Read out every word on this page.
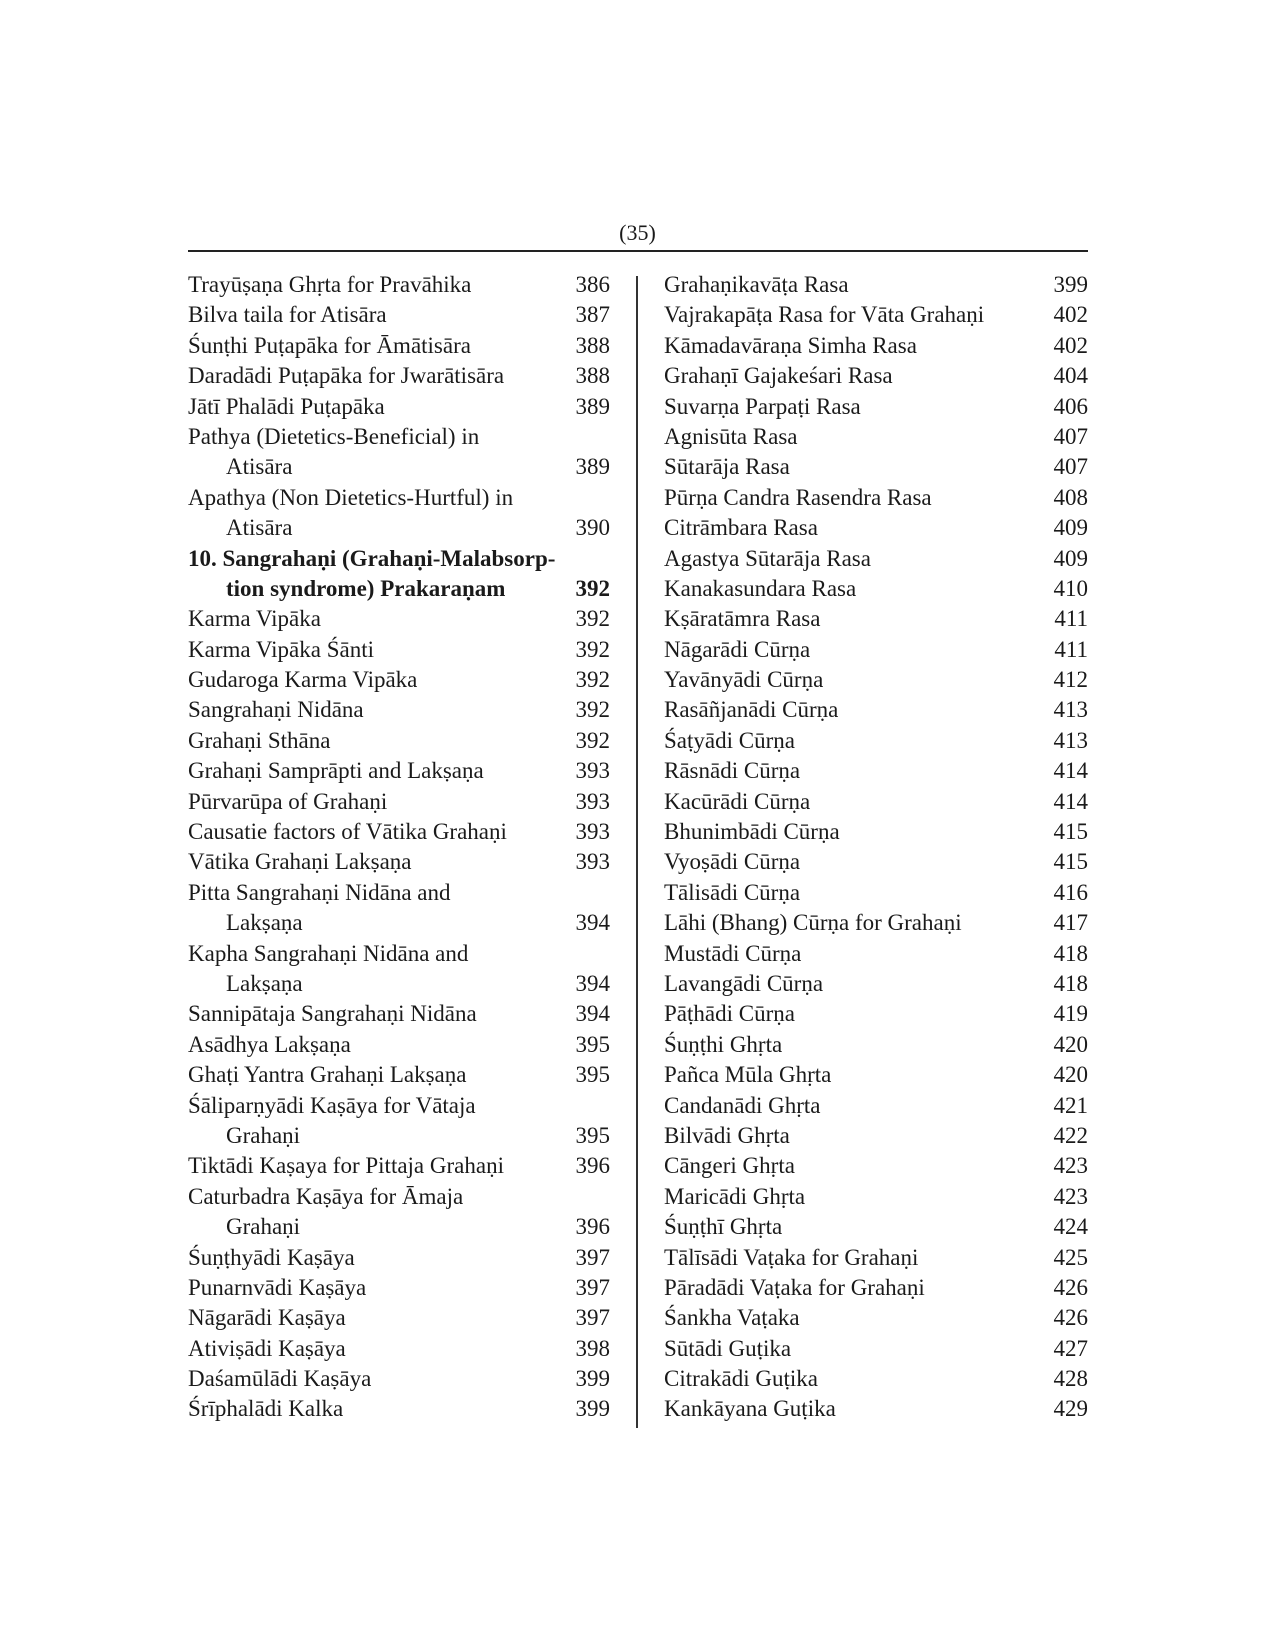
(35)
Trayūṣaṇa Ghṛta for Pravāhika	386
Bilva taila for Atisāra	387
Śunṭhi Puṭapāka for Āmātisāra	388
Daradādi Puṭapāka for Jwarātisāra	388
Jātī Phalādi Puṭapāka	389
Pathya (Dietetics-Beneficial) in
Atisāra	389
Apathya (Non Dietetics-Hurtful) in
Atisāra	390
10. Sangrahaṇi (Grahaṇi-Malabsorp-
tion syndrome) Prakaraṇam	392
Karma Vipāka	392
Karma Vipāka Śānti	392
Gudaroga Karma Vipāka	392
Sangrahaṇi Nidāna	392
Grahaṇi Sthāna	392
Grahaṇi Samprāpti and Lakṣaṇa	393
Pūrvarūpa of Grahaṇi	393
Causatie factors of Vātika Grahaṇi	393
Vātika Grahaṇi Lakṣaṇa	393
Pitta Sangrahaṇi Nidāna and
Lakṣaṇa	394
Kapha Sangrahaṇi Nidāna and
Lakṣaṇa	394
Sannipātaja Sangrahaṇi Nidāna	394
Asādhya Lakṣaṇa	395
Ghaṭi Yantra Grahaṇi Lakṣaṇa	395
Śāliparṇyādi Kaṣāya for Vātaja
Grahaṇi	395
Tiktādi Kaṣaya for Pittaja Grahaṇi	396
Caturbadra Kaṣāya for Āmaja
Grahaṇi	396
Śuṇṭhyādi Kaṣāya	397
Punarnvādi Kaṣāya	397
Nāgarādi Kaṣāya	397
Ativiṣādi Kaṣāya	398
Daśamūlādi Kaṣāya	399
Śrīphalādi Kalka	399
Grahaṇikavāṭa Rasa	399
Vajrakapāṭa Rasa for Vāta Grahaṇi	402
Kāmadavāraṇa Simha Rasa	402
Grahaṇī Gajakeśari Rasa	404
Suvarṇa Parpaṭi Rasa	406
Agnisūta Rasa	407
Sūtarāja Rasa	407
Pūrṇa Candra Rasendra Rasa	408
Citrāmbara Rasa	409
Agastya Sūtarāja Rasa	409
Kanakasundara Rasa	410
Kṣāratāmra Rasa	411
Nāgarādi Cūrṇa	411
Yavānyādi Cūrṇa	412
Rasāñjanādi Cūrṇa	413
Śaṭyādi Cūrṇa	413
Rāsnādi Cūrṇa	414
Kacūrādi Cūrṇa	414
Bhunimbādi Cūrṇa	415
Vyoṣādi Cūrṇa	415
Tālisādi Cūrṇa	416
Lāhi (Bhang) Cūrṇa for Grahaṇi	417
Mustādi Cūrṇa	418
Lavangādi Cūrṇa	418
Pāṭhādi Cūrṇa	419
Śuṇṭhi Ghṛta	420
Pañca Mūla Ghṛta	420
Candanādi Ghṛta	421
Bilvādi Ghṛta	422
Cāngeri Ghṛta	423
Maricādi Ghṛta	423
Śuṇṭhī Ghṛta	424
Tālīsādi Vaṭaka for Grahaṇi	425
Pāradādi Vaṭaka for Grahaṇi	426
Śankha Vaṭaka	426
Sūtādi Guṭika	427
Citrakādi Guṭika	428
Kankāyana Guṭika	429
